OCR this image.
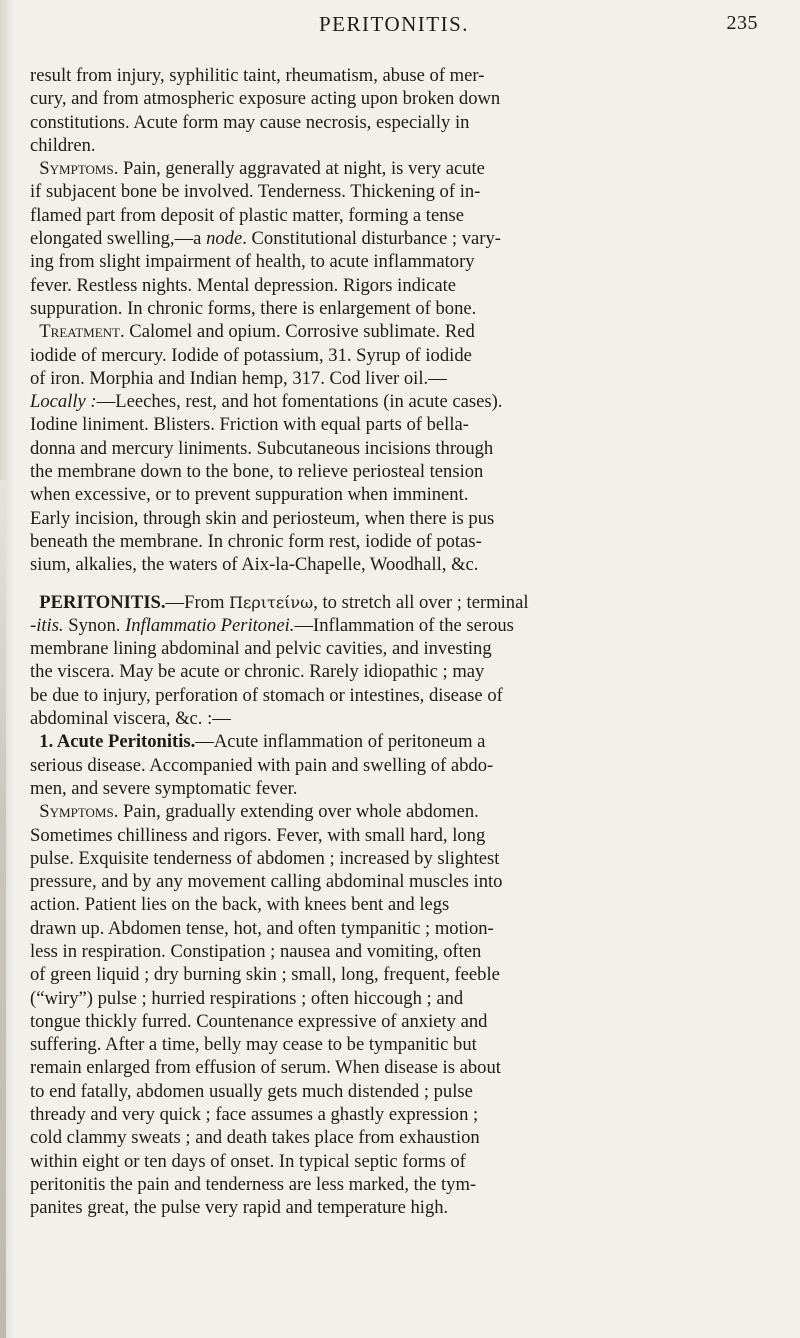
PERITONITIS.	235
result from injury, syphilitic taint, rheumatism, abuse of mer-
cury, and from atmospheric exposure acting upon broken down
constitutions. Acute form may cause necrosis, especially in
children.
Symptoms. Pain, generally aggravated at night, is very acute
if subjacent bone be involved. Tenderness. Thickening of in-
flamed part from deposit of plastic matter, forming a tense
elongated swelling,—a node. Constitutional disturbance ; vary-
ing from slight impairment of health, to acute inflammatory
fever. Restless nights. Mental depression. Rigors indicate
suppuration. In chronic forms, there is enlargement of bone.
Treatment. Calomel and opium. Corrosive sublimate. Red
iodide of mercury. Iodide of potassium, 31. Syrup of iodide
of iron. Morphia and Indian hemp, 317. Cod liver oil.—
Locally :—Leeches, rest, and hot fomentations (in acute cases).
Iodine liniment. Blisters. Friction with equal parts of bella-
donna and mercury liniments. Subcutaneous incisions through
the membrane down to the bone, to relieve periosteal tension
when excessive, or to prevent suppuration when imminent.
Early incision, through skin and periosteum, when there is pus
beneath the membrane. In chronic form rest, iodide of potas-
sium, alkalies, the waters of Aix-la-Chapelle, Woodhall, &c.
PERITONITIS.—From Περιτείνω, to stretch all over ; terminal
-itis. Synon. Inflammatio Peritonei.—Inflammation of the serous
membrane lining abdominal and pelvic cavities, and investing
the viscera. May be acute or chronic. Rarely idiopathic ; may
be due to injury, perforation of stomach or intestines, disease of
abdominal viscera, &c. :—
1. Acute Peritonitis.—Acute inflammation of peritoneum a
serious disease. Accompanied with pain and swelling of abdo-
men, and severe symptomatic fever.
Symptoms. Pain, gradually extending over whole abdomen.
Sometimes chilliness and rigors. Fever, with small hard, long
pulse. Exquisite tenderness of abdomen ; increased by slightest
pressure, and by any movement calling abdominal muscles into
action. Patient lies on the back, with knees bent and legs
drawn up. Abdomen tense, hot, and often tympanitic ; motion-
less in respiration. Constipation ; nausea and vomiting, often
of green liquid ; dry burning skin ; small, long, frequent, feeble
(“wiry”) pulse ; hurried respirations ; often hiccough ; and
tongue thickly furred. Countenance expressive of anxiety and
suffering. After a time, belly may cease to be tympanitic but
remain enlarged from effusion of serum. When disease is about
to end fatally, abdomen usually gets much distended ; pulse
thready and very quick ; face assumes a ghastly expression ;
cold clammy sweats ; and death takes place from exhaustion
within eight or ten days of onset. In typical septic forms of
peritonitis the pain and tenderness are less marked, the tym-
panites great, the pulse very rapid and temperature high.
